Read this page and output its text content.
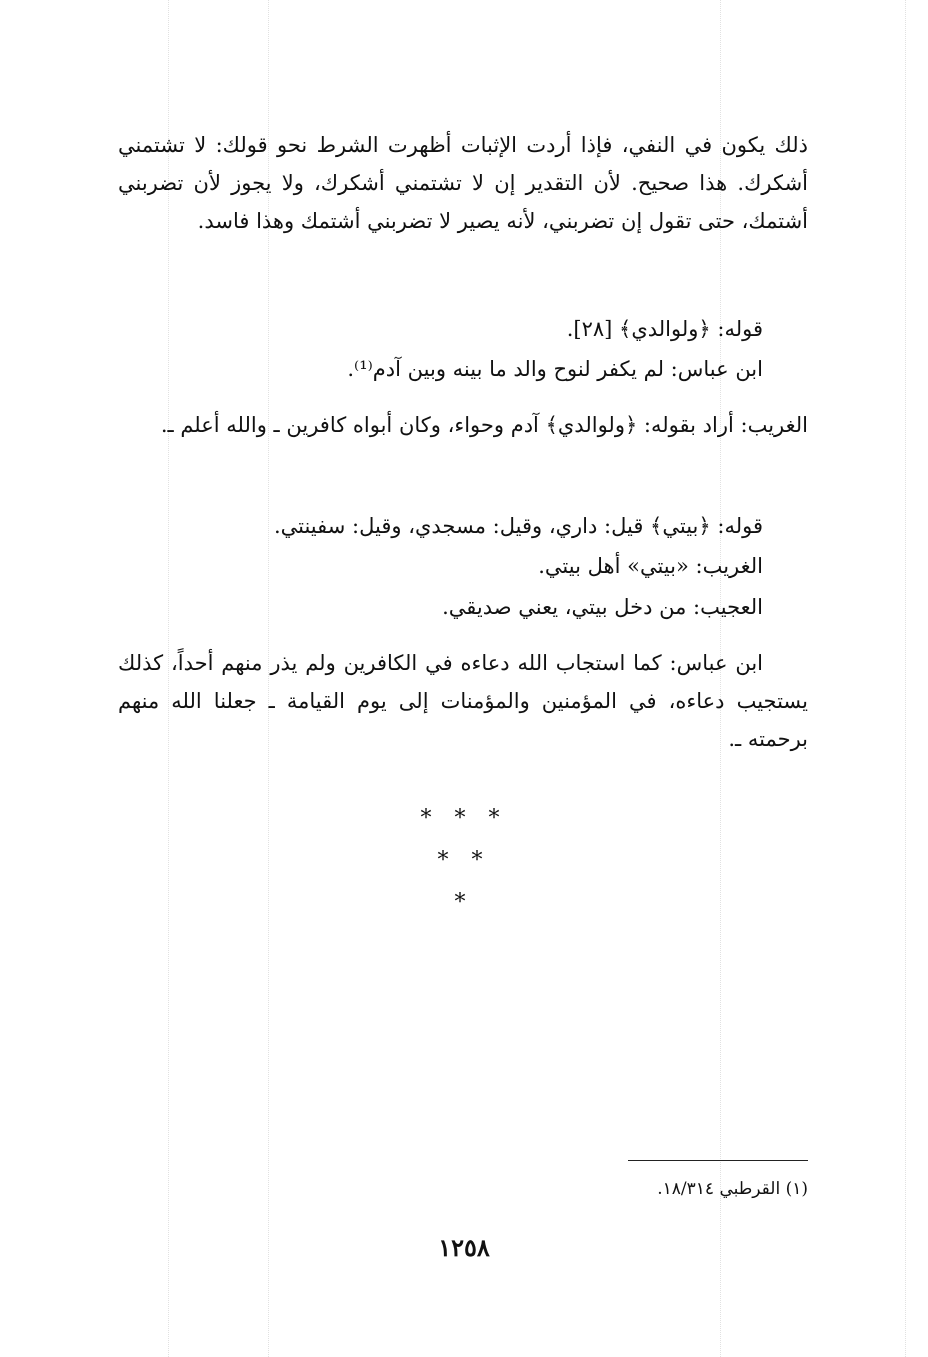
ذلك يكون في النفي، فإذا أردت الإثبات أظهرت الشرط نحو قولك: لا تشتمني أشكرك. هذا صحيح. لأن التقدير إن لا تشتمني أشكرك، ولا يجوز لأن تضربني أشتمك، حتى تقول إن تضربني، لأنه يصير لا تضربني أشتمك وهذا فاسد.
قوله: ﴿ولوالدي﴾ [٢٨].
ابن عباس: لم يكفر لنوح والد ما بينه وبين آدم⁽¹⁾.
الغريب: أراد بقوله: ﴿ولوالدي﴾ آدم وحواء، وكان أبواه كافرين ـ والله أعلم ـ.
قوله: ﴿بيتي﴾ قيل: داري، وقيل: مسجدي، وقيل: سفينتي.
الغريب: «بيتي» أهل بيتي.
العجيب: من دخل بيتي، يعني صديقي.
ابن عباس: كما استجاب الله دعاءه في الكافرين ولم يذر منهم أحداً، كذلك يستجيب دعاءه، في المؤمنين والمؤمنات إلى يوم القيامة ـ جعلنا الله منهم برحمته ـ.
* * *
* *
*
(١) القرطبي ١٨/٣١٤.
١٢٥٨
